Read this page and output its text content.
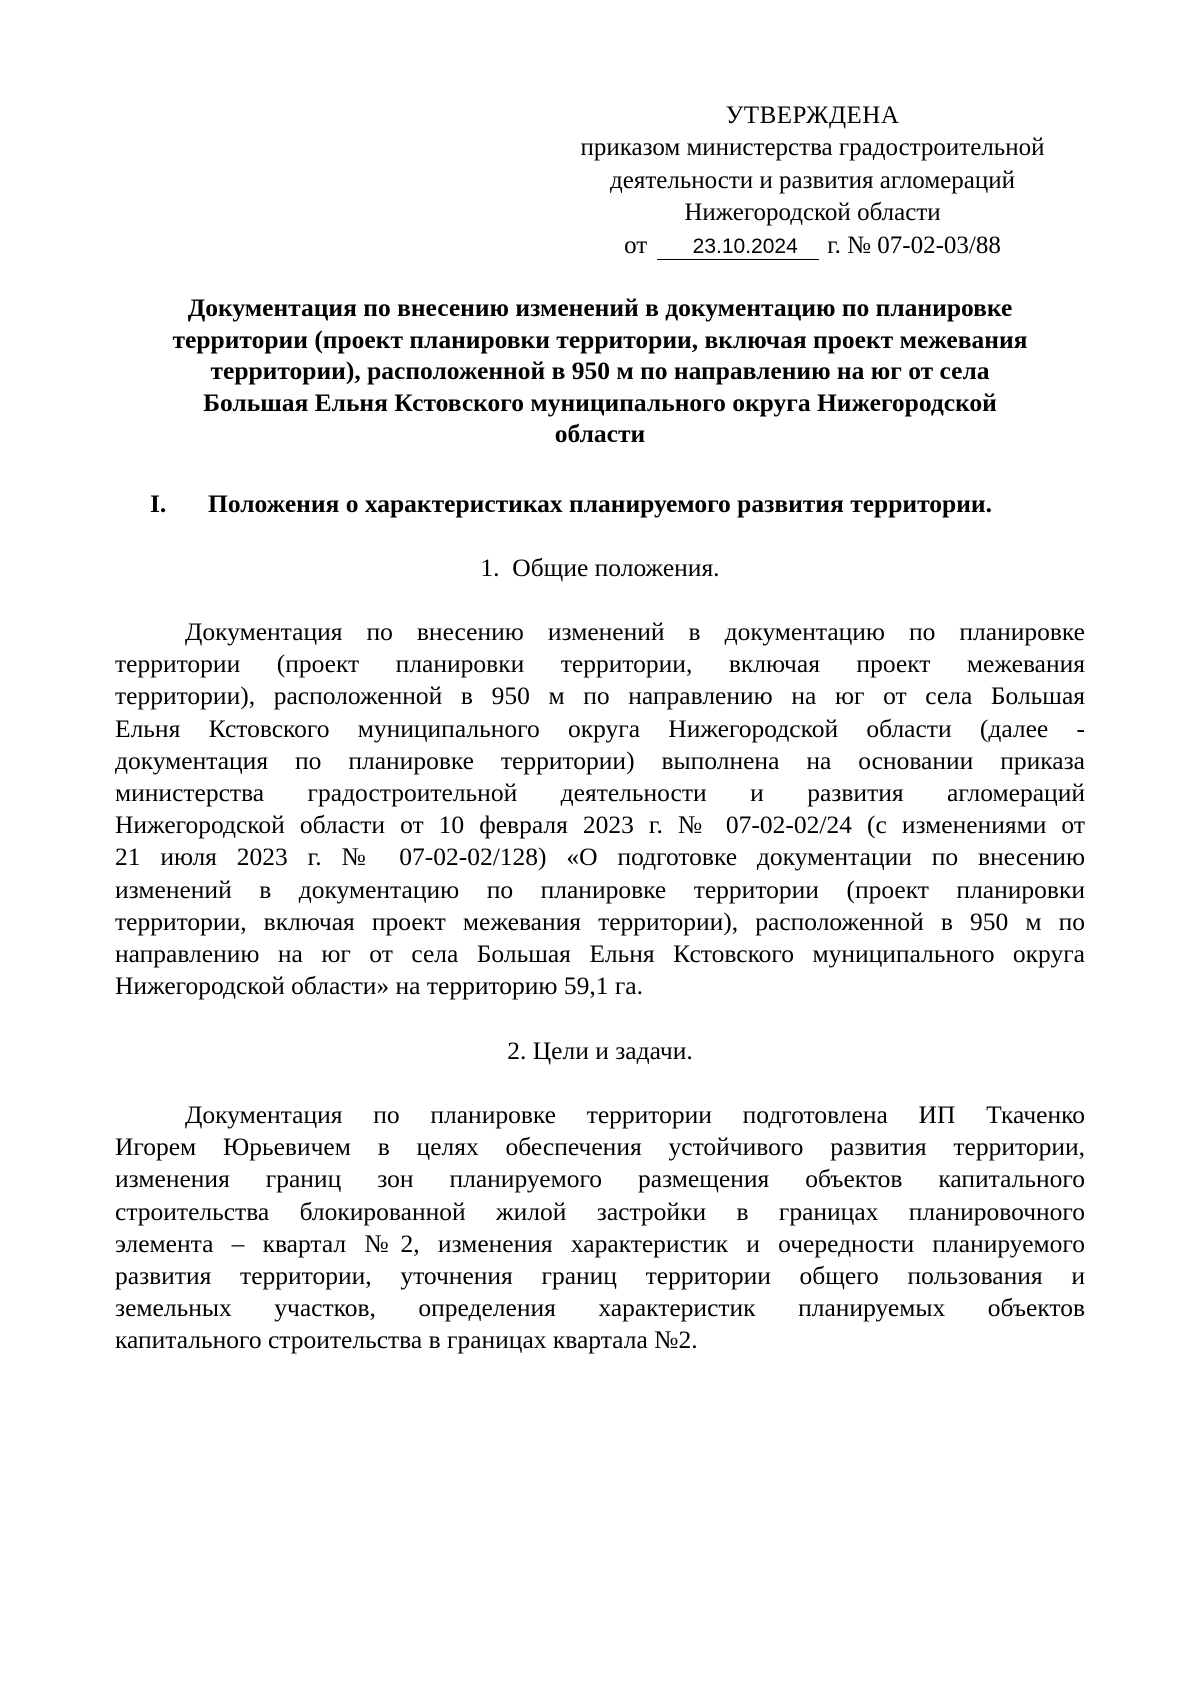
УТВЕРЖДЕНА
приказом министерства градостроительной
деятельности и развития агломераций
Нижегородской области
от 23.10.2024 г. № 07-02-03/88
Документация по внесению изменений в документацию по планировке
территории (проект планировки территории, включая проект межевания
территории), расположенной в 950 м по направлению на юг от села
Большая Ельня Кстовского муниципального округа Нижегородской
области
I. Положения о характеристиках планируемого развития территории.
1. Общие положения.
Документация по внесению изменений в документацию по планировке
территории (проект планировки территории, включая проект межевания
территории), расположенной в 950 м по направлению на юг от села Большая
Ельня Кстовского муниципального округа Нижегородской области (далее -
документация по планировке территории) выполнена на основании приказа
министерства градостроительной деятельности и развития агломераций
Нижегородской области от 10 февраля 2023 г. № 07-02-02/24 (с изменениями от
21 июля 2023 г. № 07-02-02/128) «О подготовке документации по внесению
изменений в документацию по планировке территории (проект планировки
территории, включая проект межевания территории), расположенной в 950 м по
направлению на юг от села Большая Ельня Кстовского муниципального округа
Нижегородской области» на территорию 59,1 га.
2. Цели и задачи.
Документация по планировке территории подготовлена ИП Ткаченко
Игорем Юрьевичем в целях обеспечения устойчивого развития территории,
изменения границ зон планируемого размещения объектов капитального
строительства блокированной жилой застройки в границах планировочного
элемента – квартал №2, изменения характеристик и очередности планируемого
развития территории, уточнения границ территории общего пользования и
земельных участков, определения характеристик планируемых объектов
капитального строительства в границах квартала №2.
